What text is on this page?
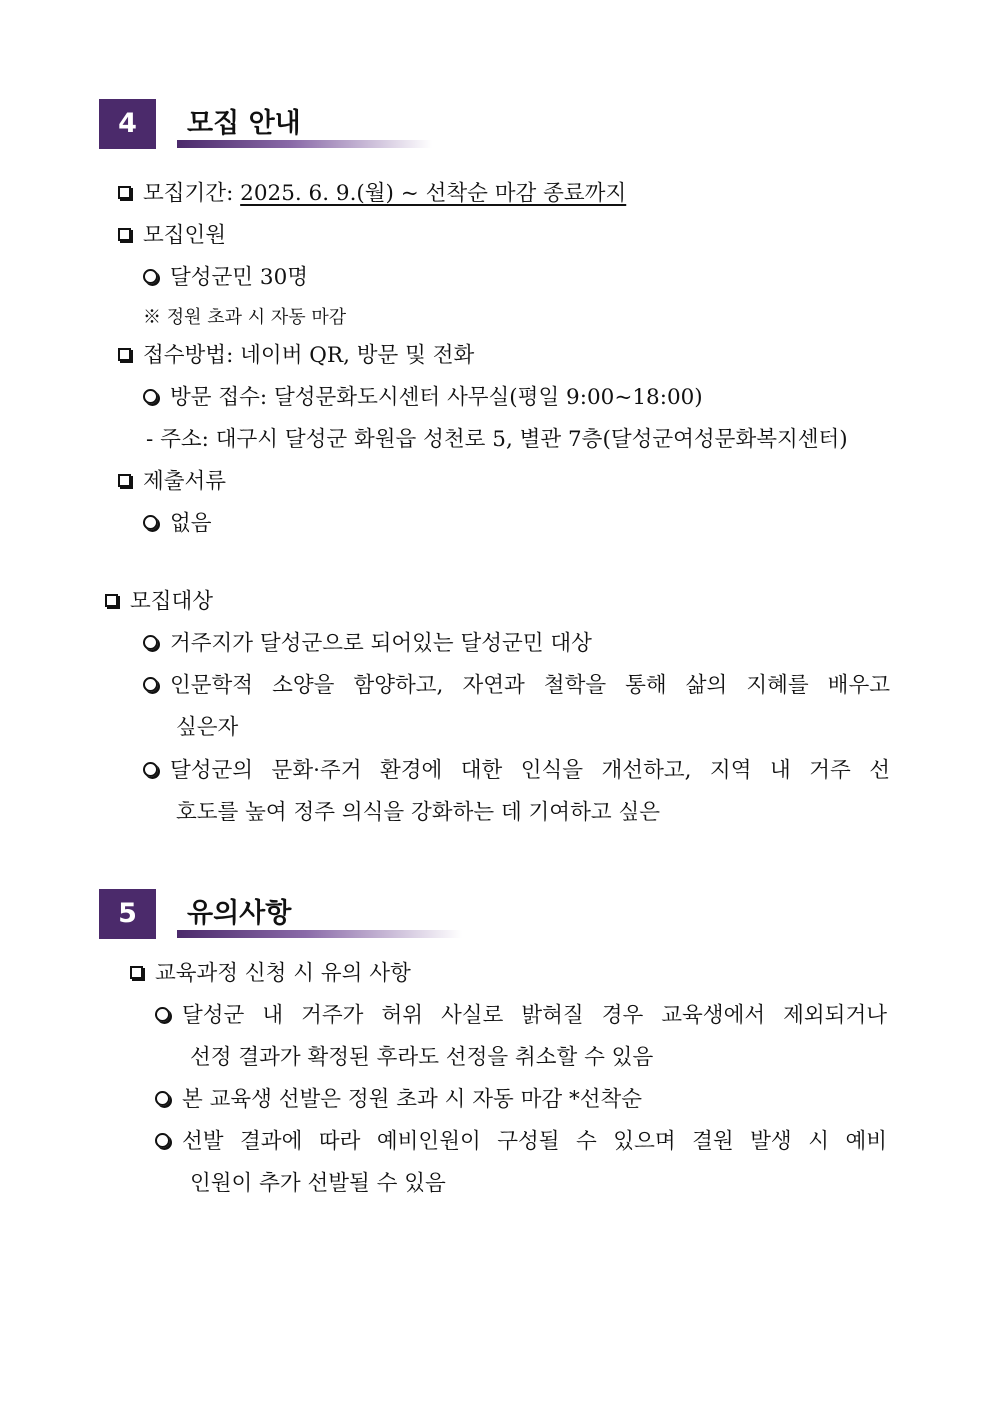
4	모집 안내
모집기간: 2025. 6. 9.(월) ~ 선착순 마감 종료까지
모집인원
달성군민 30명
※ 정원 초과 시 자동 마감
접수방법: 네이버 QR, 방문 및 전화
방문 접수: 달성문화도시센터 사무실(평일 9:00~18:00)
- 주소: 대구시 달성군 화원읍 성천로 5, 별관 7층(달성군여성문화복지센터)
제출서류
없음
모집대상
거주지가 달성군으로 되어있는 달성군민 대상
인문학적 소양을 함양하고, 자연과 철학을 통해 삶의 지혜를 배우고
싶은자
달성군의 문화·주거 환경에 대한 인식을 개선하고, 지역 내 거주 선
호도를 높여 정주 의식을 강화하는 데 기여하고 싶은
5	유의사항
교육과정 신청 시 유의 사항
달성군 내 거주가 허위 사실로 밝혀질 경우 교육생에서 제외되거나
선정 결과가 확정된 후라도 선정을 취소할 수 있음
본 교육생 선발은 정원 초과 시 자동 마감 *선착순
선발 결과에 따라 예비인원이 구성될 수 있으며 결원 발생 시 예비
인원이 추가 선발될 수 있음
